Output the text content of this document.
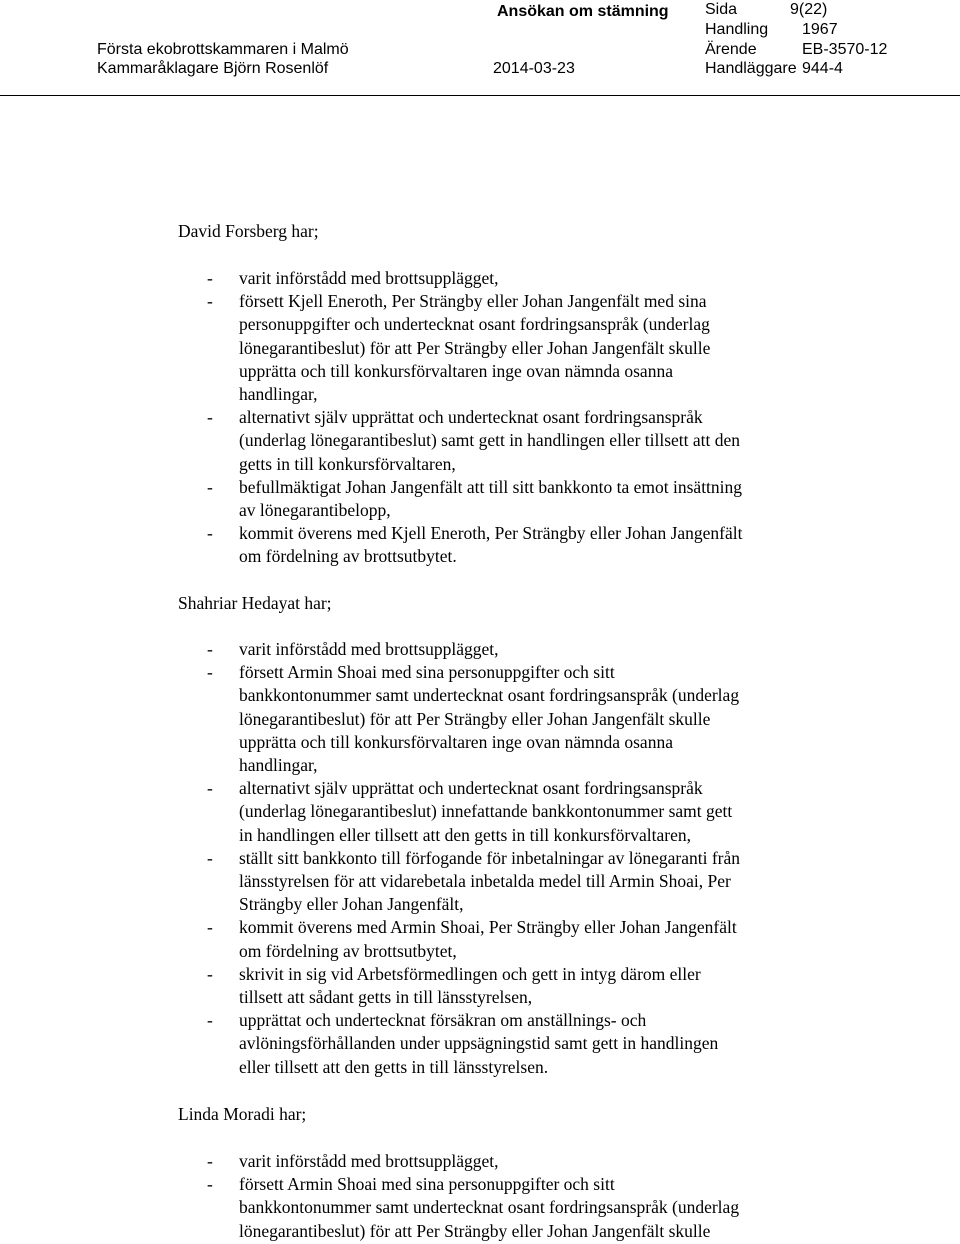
Ansökan om stämning
Första ekobrottskammaren i Malmö
Kammaråklagare Björn Rosenlöf	2014-03-23
Sida	9(22)
Handling 1967
Ärende	EB-3570-12
Handläggare 944-4
David Forsberg har;
- varit införstådd med brottsupplägget,
- försett Kjell Eneroth, Per Strängby eller Johan Jangenfält med sina
personuppgifter och undertecknat osant fordringsanspråk (underlag
lönegarantibeslut) för att Per Strängby eller Johan Jangenfält skulle
upprätta och till konkursförvaltaren inge ovan nämnda osanna
handlingar,
- alternativt själv upprättat och undertecknat osant fordringsanspråk
(underlag lönegarantibeslut) samt gett in handlingen eller tillsett att den
getts in till konkursförvaltaren,
- befullmäktigat Johan Jangenfält att till sitt bankkonto ta emot insättning
av lönegarantibelopp,
- kommit överens med Kjell Eneroth, Per Strängby eller Johan Jangenfält
om fördelning av brottsutbytet.
Shahriar Hedayat har;
- varit införstådd med brottsupplägget,
- försett Armin Shoai med sina personuppgifter och sitt
bankkontonummer samt undertecknat osant fordringsanspråk (underlag
lönegarantibeslut) för att Per Strängby eller Johan Jangenfält skulle
upprätta och till konkursförvaltaren inge ovan nämnda osanna
handlingar,
- alternativt själv upprättat och undertecknat osant fordringsanspråk
(underlag lönegarantibeslut) innefattande bankkontonummer samt gett
in handlingen eller tillsett att den getts in till konkursförvaltaren,
- ställt sitt bankkonto till förfogande för inbetalningar av lönegaranti från
länsstyrelsen för att vidarebetala inbetalda medel till Armin Shoai, Per
Strängby eller Johan Jangenfält,
- kommit överens med Armin Shoai, Per Strängby eller Johan Jangenfält
om fördelning av brottsutbytet,
- skrivit in sig vid Arbetsförmedlingen och gett in intyg därom eller
tillsett att sådant getts in till länsstyrelsen,
- upprättat och undertecknat försäkran om anställnings- och
avlöningsförhållanden under uppsägningstid samt gett in handlingen
eller tillsett att den getts in till länsstyrelsen.
Linda Moradi har;
- varit införstådd med brottsupplägget,
- försett Armin Shoai med sina personuppgifter och sitt
bankkontonummer samt undertecknat osant fordringsanspråk (underlag
lönegarantibeslut) för att Per Strängby eller Johan Jangenfält skulle
